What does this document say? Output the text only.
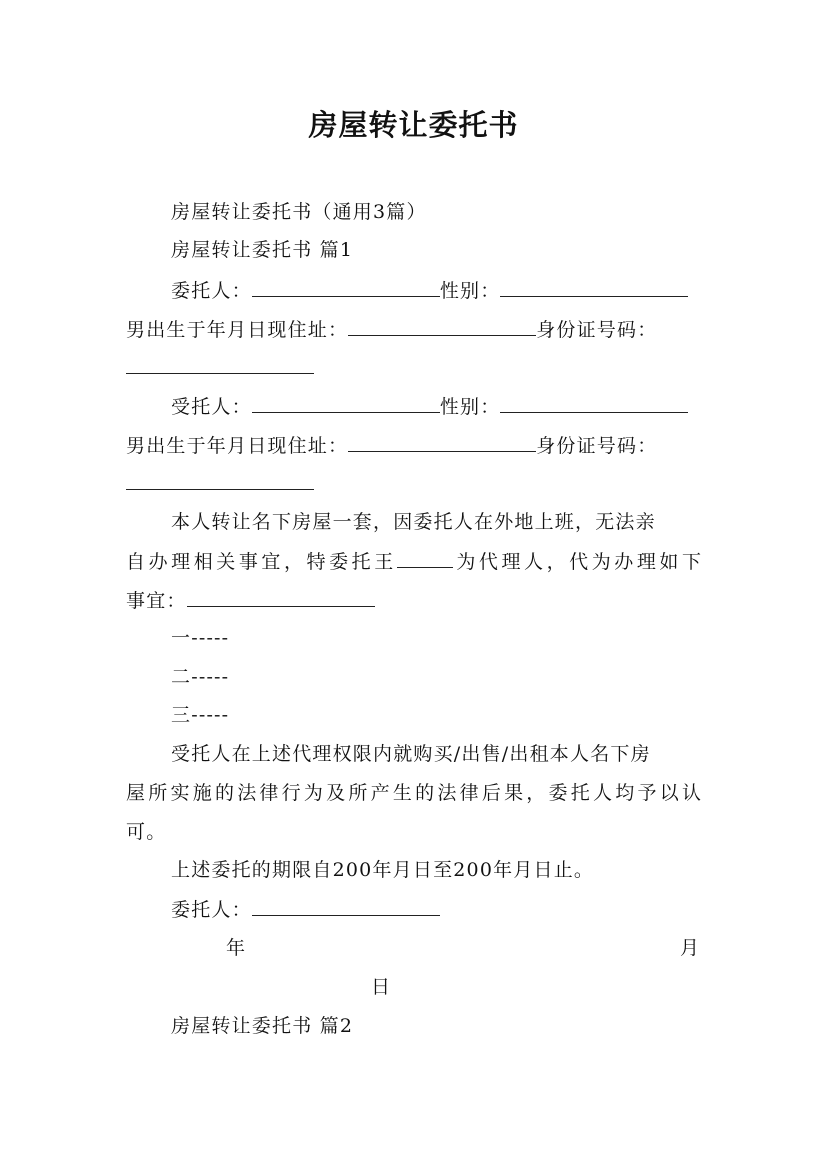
房屋转让委托书
房屋转让委托书（通用3篇）
房屋转让委托书 篇1
委托人：	性别：
男出生于年月日现住址：	身份证号码：
受托人：	性别：
男出生于年月日现住址：	身份证号码：
本人转让名下房屋一套，因委托人在外地上班，无法亲
自办理相关事宜，特委托王	为代理人，代为办理如下
事宜：
一-----
二-----
三-----
受托人在上述代理权限内就购买/出售/出租本人名下房
屋所实施的法律行为及所产生的法律后果，委托人均予以认
可。
上述委托的期限自200年月日至200年月日止。
委托人：
年	月
日
房屋转让委托书 篇2
